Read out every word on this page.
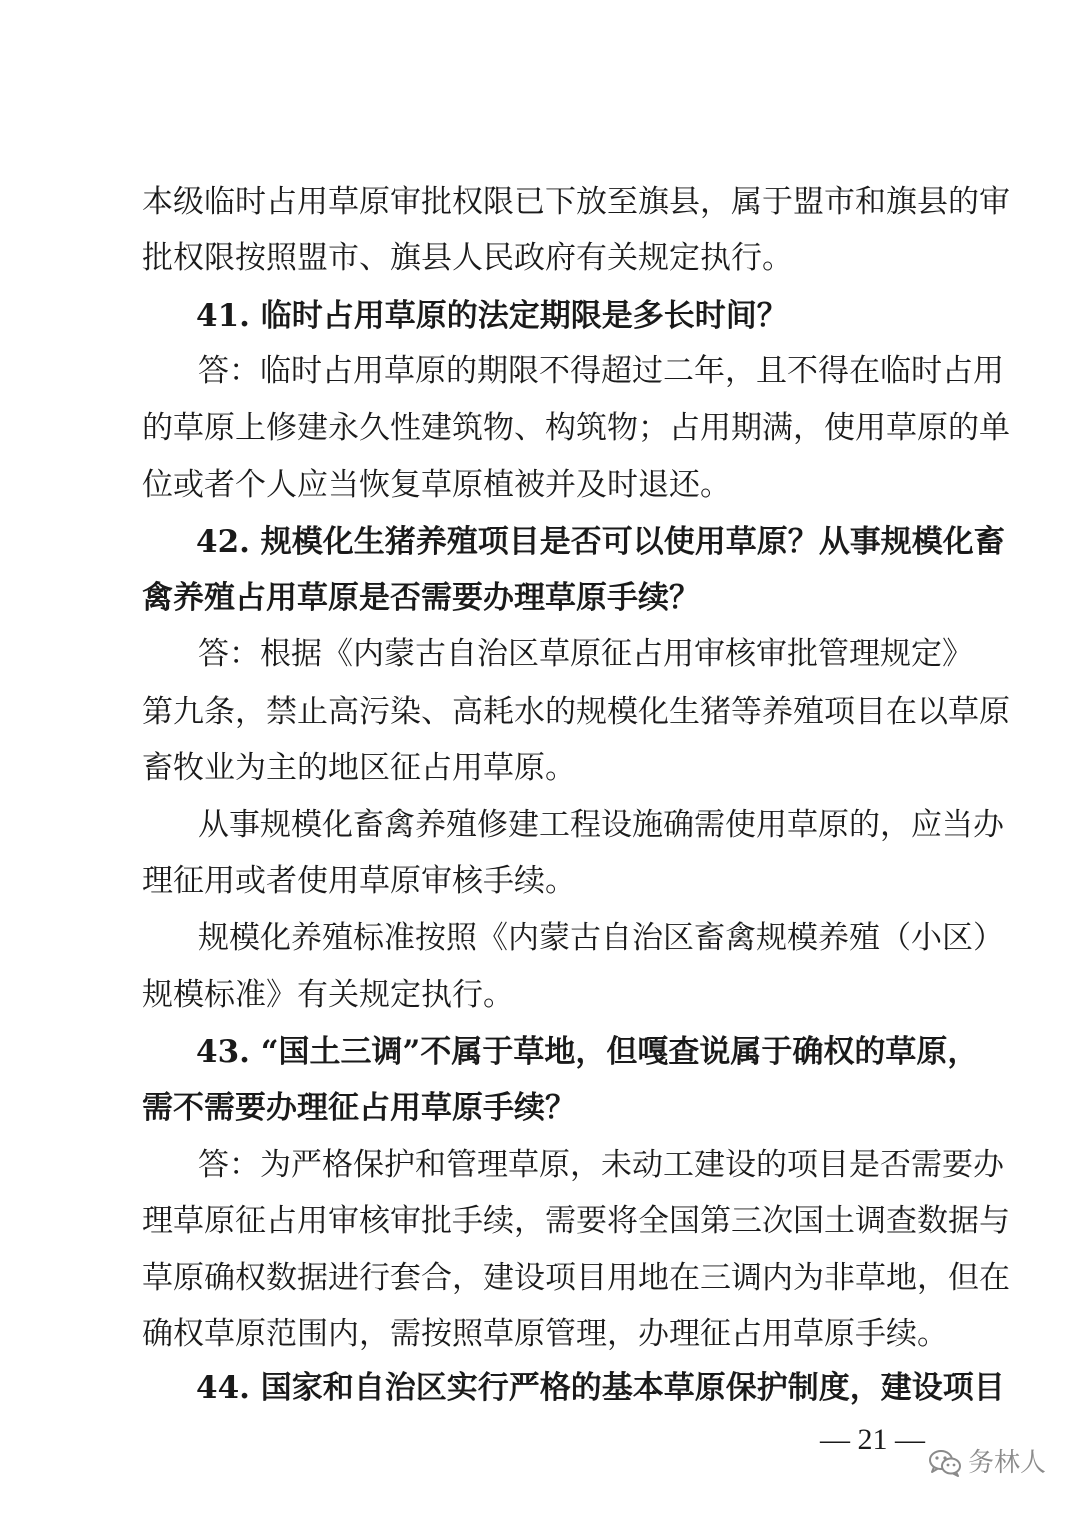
本级临时占用草原审批权限已下放至旗县，属于盟市和旗县的审
批权限按照盟市、旗县人民政府有关规定执行。
41. 临时占用草原的法定期限是多长时间？
答：临时占用草原的期限不得超过二年，且不得在临时占用
的草原上修建永久性建筑物、构筑物；占用期满，使用草原的单
位或者个人应当恢复草原植被并及时退还。
42. 规模化生猪养殖项目是否可以使用草原？从事规模化畜
禽养殖占用草原是否需要办理草原手续？
答：根据《内蒙古自治区草原征占用审核审批管理规定》
第九条，禁止高污染、高耗水的规模化生猪等养殖项目在以草原
畜牧业为主的地区征占用草原。
从事规模化畜禽养殖修建工程设施确需使用草原的，应当办
理征用或者使用草原审核手续。
规模化养殖标准按照《内蒙古自治区畜禽规模养殖（小区）
规模标准》有关规定执行。
43. “国土三调”不属于草地，但嘎查说属于确权的草原，
需不需要办理征占用草原手续？
答：为严格保护和管理草原，未动工建设的项目是否需要办
理草原征占用审核审批手续，需要将全国第三次国土调查数据与
草原确权数据进行套合，建设项目用地在三调内为非草地，但在
确权草原范围内，需按照草原管理，办理征占用草原手续。
44. 国家和自治区实行严格的基本草原保护制度，建设项目
— 21 —
务林人
